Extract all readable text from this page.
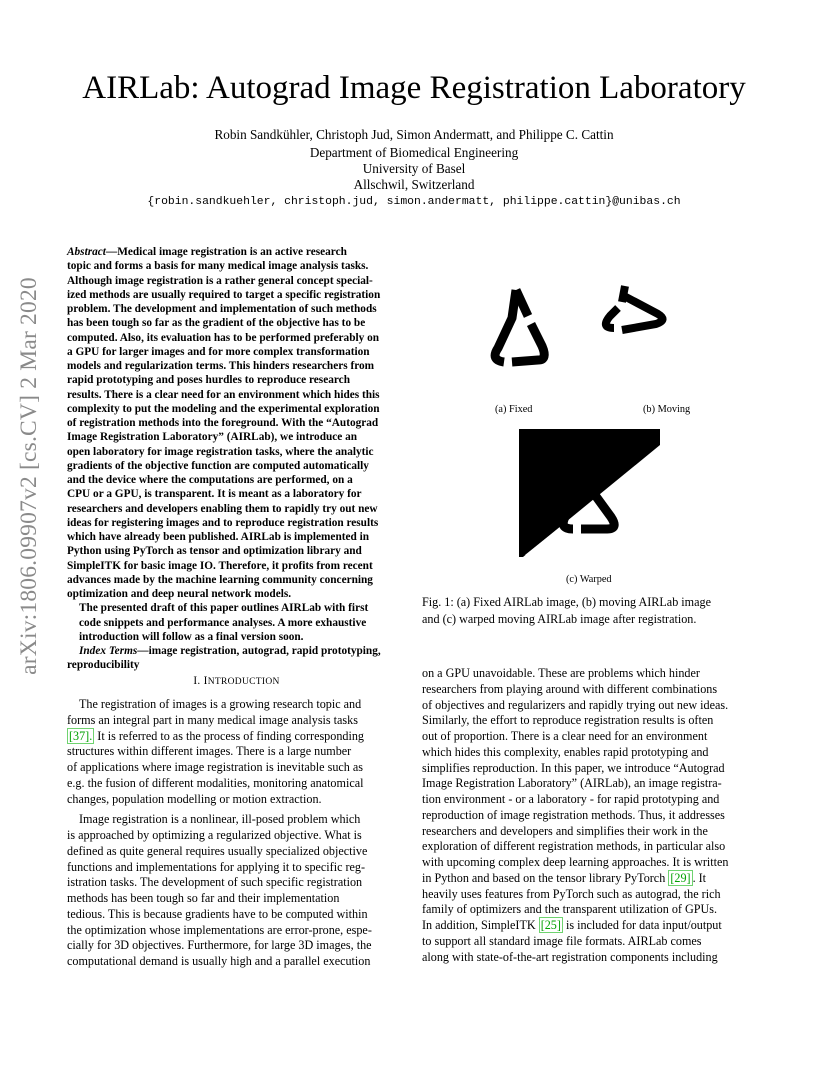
AIRLab: Autograd Image Registration Laboratory
Robin Sandkühler, Christoph Jud, Simon Andermatt, and Philippe C. Cattin
Department of Biomedical Engineering
University of Basel
Allschwil, Switzerland
{robin.sandkuehler, christoph.jud, simon.andermatt, philippe.cattin}@unibas.ch
arXiv:1806.09907v2 [cs.CV] 2 Mar 2020

Abstract—Medical image registration is an active research

topic and forms a basis for many medical image analysis tasks.

Although image registration is a rather general concept special-

ized methods are usually required to target a specific registration

problem. The development and implementation of such methods

has been tough so far as the gradient of the objective has to be

computed. Also, its evaluation has to be performed preferably on

a GPU for larger images and for more complex transformation

models and regularization terms. This hinders researchers from

rapid prototyping and poses hurdles to reproduce research

results. There is a clear need for an environment which hides this

complexity to put the modeling and the experimental exploration

of registration methods into the foreground. With the “Autograd

Image Registration Laboratory” (AIRLab), we introduce an

open laboratory for image registration tasks, where the analytic

gradients of the objective function are computed automatically

and the device where the computations are performed, on a

CPU or a GPU, is transparent. It is meant as a laboratory for

researchers and developers enabling them to rapidly try out new

ideas for registering images and to reproduce registration results

which have already been published. AIRLab is implemented in

Python using PyTorch as tensor and optimization library and

SimpleITK for basic image IO. Therefore, it profits from recent

advances made by the machine learning community concerning

optimization and deep neural network models.

The presented draft of this paper outlines AIRLab with first

code snippets and performance analyses. A more exhaustive

introduction will follow as a final version soon.

Index Terms—image registration, autograd, rapid prototyping,

reproducibility

I. INTRODUCTION

The registration of images is a growing research topic and

forms an integral part in many medical image analysis tasks

[37]. It is referred to as the process of finding corresponding

structures within different images. There is a large number

of applications where image registration is inevitable such as

e.g. the fusion of different modalities, monitoring anatomical

changes, population modelling or motion extraction.

Image registration is a nonlinear, ill-posed problem which

is approached by optimizing a regularized objective. What is

defined as quite general requires usually specialized objective

functions and implementations for applying it to specific reg-

istration tasks. The development of such specific registration

methods has been tough so far and their implementation

tedious. This is because gradients have to be computed within

the optimization whose implementations are error-prone, espe-

cially for 3D objectives. Furthermore, for large 3D images, the

computational demand is usually high and a parallel execution

(a) Fixed	(b) Moving
(c) Warped

Fig. 1: (a) Fixed AIRLab image, (b) moving AIRLab image

and (c) warped moving AIRLab image after registration.

on a GPU unavoidable. These are problems which hinder

researchers from playing around with different combinations

of objectives and regularizers and rapidly trying out new ideas.

Similarly, the effort to reproduce registration results is often

out of proportion. There is a clear need for an environment

which hides this complexity, enables rapid prototyping and

simplifies reproduction. In this paper, we introduce “Autograd

Image Registration Laboratory” (AIRLab), an image registra-

tion environment - or a laboratory - for rapid prototyping and

reproduction of image registration methods. Thus, it addresses

researchers and developers and simplifies their work in the

exploration of different registration methods, in particular also

with upcoming complex deep learning approaches. It is written

in Python and based on the tensor library PyTorch [29] . It

heavily uses features from PyTorch such as autograd, the rich

family of optimizers and the transparent utilization of GPUs.

In addition, SimpleITK [25] is included for data input/output

to support all standard image file formats. AIRLab comes

along with state-of-the-art registration components including
